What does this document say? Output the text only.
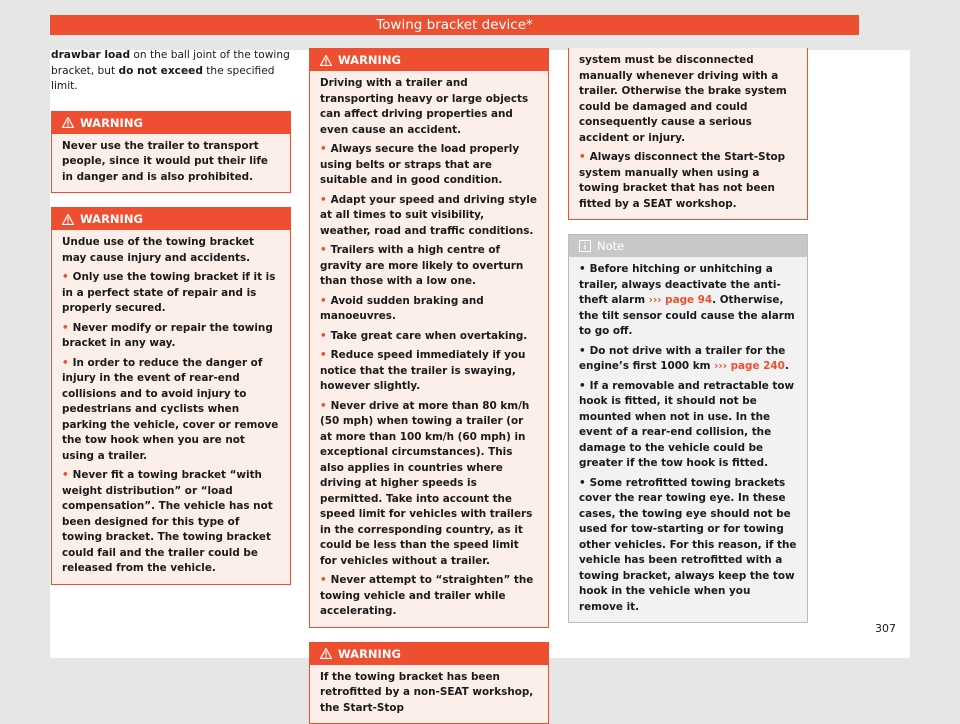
Towing bracket device*

drawbar load on the ball joint of the towing bracket, but do not exceed the specified limit.

WARNING

Never use the trailer to transport people, since it would put their life in danger and is also prohibited.

WARNING

Undue use of the towing bracket may cause injury and accidents.

• Only use the towing bracket if it is in a perfect state of repair and is properly secured.

• Never modify or repair the towing bracket in any way.

• In order to reduce the danger of injury in the event of rear-end collisions and to avoid injury to pedestrians and cyclists when parking the vehicle, cover or remove the tow hook when you are not using a trailer.

• Never fit a towing bracket “with weight distribution” or “load compensation”. The vehicle has not been designed for this type of towing bracket. The towing bracket could fail and the trailer could be released from the vehicle.

WARNING

Driving with a trailer and transporting heavy or large objects can affect driving properties and even cause an accident.

• Always secure the load properly using belts or straps that are suitable and in good condition.

• Adapt your speed and driving style at all times to suit visibility, weather, road and traffic conditions.

• Trailers with a high centre of gravity are more likely to overturn than those with a low one.

• Avoid sudden braking and manoeuvres.

• Take great care when overtaking.

• Reduce speed immediately if you notice that the trailer is swaying, however slightly.

• Never drive at more than 80 km/h (50 mph) when towing a trailer (or at more than 100 km/h (60 mph) in exceptional circumstances). This also applies in countries where driving at higher speeds is permitted. Take into account the speed limit for vehicles with trailers in the corresponding country, as it could be less than the speed limit for vehicles without a trailer.

• Never attempt to “straighten” the towing vehicle and trailer while accelerating.

WARNING

If the towing bracket has been retrofitted by a non-SEAT workshop, the Start-Stop

system must be disconnected manually whenever driving with a trailer. Otherwise the brake system could be damaged and could consequently cause a serious accident or injury.

• Always disconnect the Start-Stop system manually when using a towing bracket that has not been fitted by a SEAT workshop.

Note

• Before hitching or unhitching a trailer, always deactivate the anti-theft alarm ››› page 94. Otherwise, the tilt sensor could cause the alarm to go off.

• Do not drive with a trailer for the engine’s first 1000 km ››› page 240.

• If a removable and retractable tow hook is fitted, it should not be mounted when not in use. In the event of a rear-end collision, the damage to the vehicle could be greater if the tow hook is fitted.

• Some retrofitted towing brackets cover the rear towing eye. In these cases, the towing eye should not be used for tow-starting or for towing other vehicles. For this reason, if the vehicle has been retrofitted with a towing bracket, always keep the tow hook in the vehicle when you remove it.

307
